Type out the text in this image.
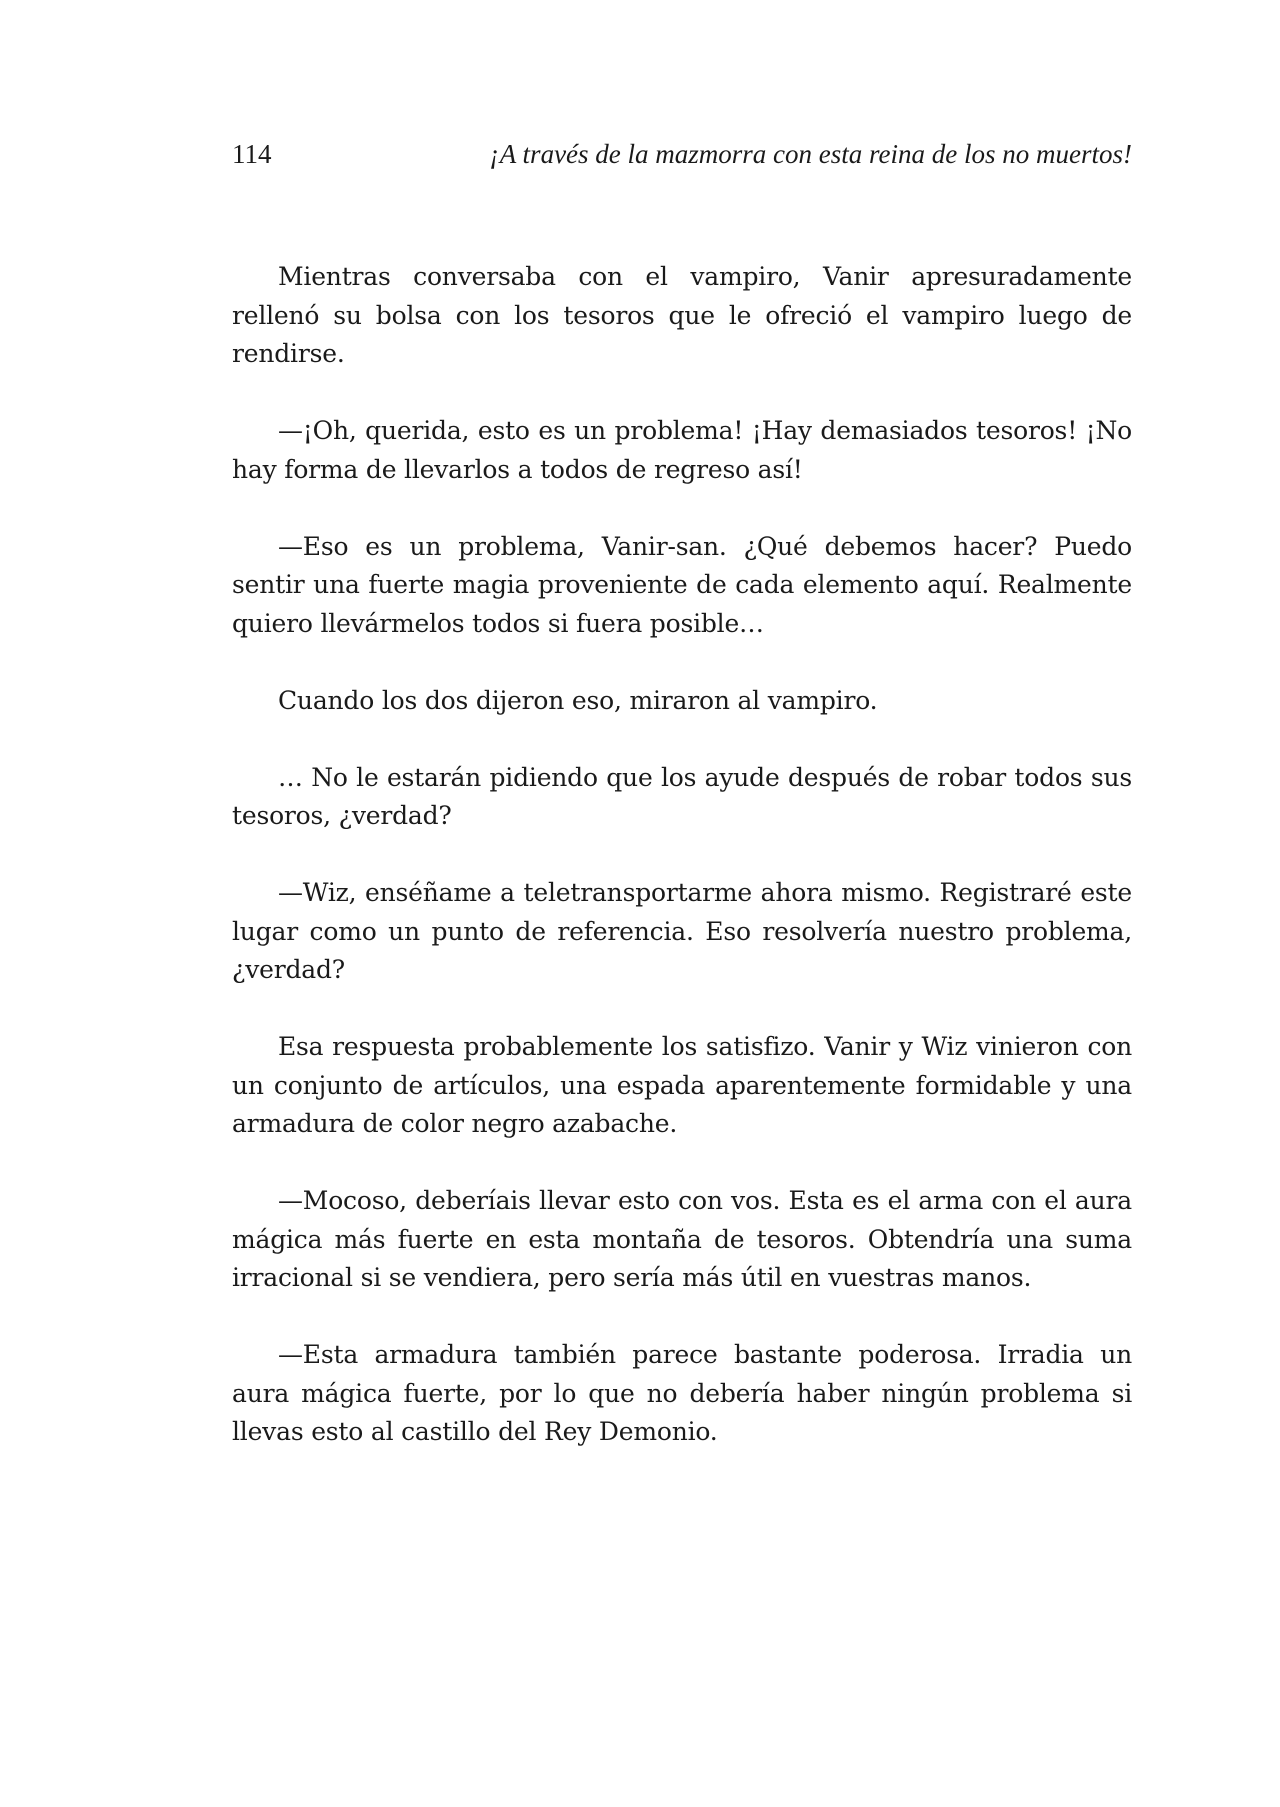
114	¡A través de la mazmorra con esta reina de los no muertos!

Mientras conversaba con el vampiro, Vanir apresuradamente rellenó su bolsa con los tesoros que le ofreció el vampiro luego de rendirse.

—¡Oh, querida, esto es un problema! ¡Hay demasiados tesoros! ¡No hay forma de llevarlos a todos de regreso así!

—Eso es un problema, Vanir-san. ¿Qué debemos hacer? Puedo sentir una fuerte magia proveniente de cada elemento aquí. Realmente quiero llevármelos todos si fuera posible…

Cuando los dos dijeron eso, miraron al vampiro.

… No le estarán pidiendo que los ayude después de robar todos sus tesoros, ¿verdad?

—Wiz, enséñame a teletransportarme ahora mismo. Registraré este lugar como un punto de referencia. Eso resolvería nuestro problema, ¿verdad?

Esa respuesta probablemente los satisfizo. Vanir y Wiz vinieron con un conjunto de artículos, una espada aparentemente formidable y una armadura de color negro azabache.

—Mocoso, deberíais llevar esto con vos. Esta es el arma con el aura mágica más fuerte en esta montaña de tesoros. Obtendría una suma irracional si se vendiera, pero sería más útil en vuestras manos.

—Esta armadura también parece bastante poderosa. Irradia un aura mágica fuerte, por lo que no debería haber ningún problema si llevas esto al castillo del Rey Demonio.
